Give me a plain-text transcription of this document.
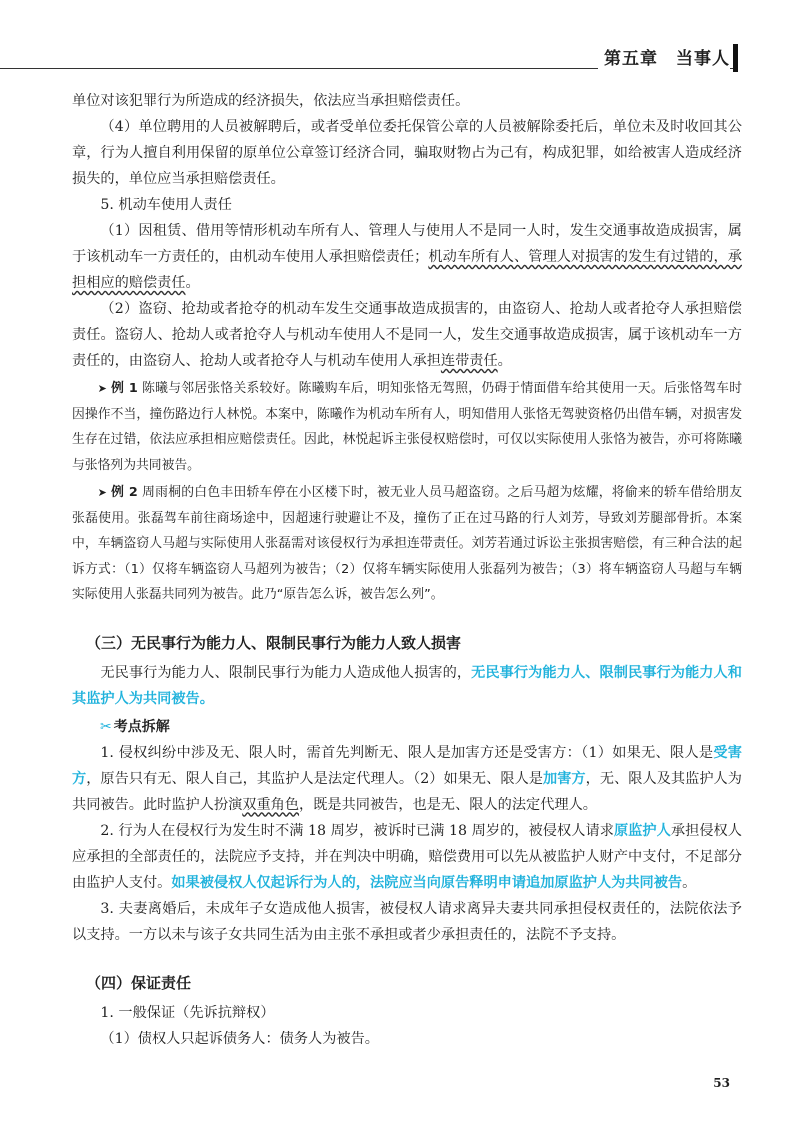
第五章　当事人

单位对该犯罪行为所造成的经济损失，依法应当承担赔偿责任。

（4）单位聘用的人员被解聘后，或者受单位委托保管公章的人员被解除委托后，单位未及时收回其公章，行为人擅自利用保留的原单位公章签订经济合同，骗取财物占为己有，构成犯罪，如给被害人造成经济损失的，单位应当承担赔偿责任。

5. 机动车使用人责任

（1）因租赁、借用等情形机动车所有人、管理人与使用人不是同一人时，发生交通事故造成损害，属于该机动车一方责任的，由机动车使用人承担赔偿责任；机动车所有人、管理人对损害的发生有过错的，承担相应的赔偿责任。

（2）盗窃、抢劫或者抢夺的机动车发生交通事故造成损害的，由盗窃人、抢劫人或者抢夺人承担赔偿责任。盗窃人、抢劫人或者抢夺人与机动车使用人不是同一人，发生交通事故造成损害，属于该机动车一方责任的，由盗窃人、抢劫人或者抢夺人与机动车使用人承担连带责任。

➤ 例 1 陈曦与邻居张恪关系较好。陈曦购车后，明知张恪无驾照，仍碍于情面借车给其使用一天。后张恪驾车时因操作不当，撞伤路边行人林悦。本案中，陈曦作为机动车所有人，明知借用人张恪无驾驶资格仍出借车辆，对损害发生存在过错，依法应承担相应赔偿责任。因此，林悦起诉主张侵权赔偿时，可仅以实际使用人张恪为被告，亦可将陈曦与张恪列为共同被告。

➤ 例 2 周雨桐的白色丰田轿车停在小区楼下时，被无业人员马超盗窃。之后马超为炫耀，将偷来的轿车借给朋友张磊使用。张磊驾车前往商场途中，因超速行驶避让不及，撞伤了正在过马路的行人刘芳，导致刘芳腿部骨折。本案中，车辆盗窃人马超与实际使用人张磊需对该侵权行为承担连带责任。刘芳若通过诉讼主张损害赔偿，有三种合法的起诉方式：（1）仅将车辆盗窃人马超列为被告；（2）仅将车辆实际使用人张磊列为被告；（3）将车辆盗窃人马超与车辆实际使用人张磊共同列为被告。此乃“原告怎么诉，被告怎么列”。

（三）无民事行为能力人、限制民事行为能力人致人损害

无民事行为能力人、限制民事行为能力人造成他人损害的，无民事行为能力人、限制民事行为能力人和其监护人为共同被告。

✂ 考点拆解

1. 侵权纠纷中涉及无、限人时，需首先判断无、限人是加害方还是受害方：（1）如果无、限人是受害方，原告只有无、限人自己，其监护人是法定代理人。（2）如果无、限人是加害方，无、限人及其监护人为共同被告。此时监护人扮演双重角色，既是共同被告，也是无、限人的法定代理人。

2. 行为人在侵权行为发生时不满 18 周岁，被诉时已满 18 周岁的，被侵权人请求原监护人承担侵权人应承担的全部责任的，法院应予支持，并在判决中明确，赔偿费用可以先从被监护人财产中支付，不足部分由监护人支付。如果被侵权人仅起诉行为人的，法院应当向原告释明申请追加原监护人为共同被告。

3. 夫妻离婚后，未成年子女造成他人损害，被侵权人请求离异夫妻共同承担侵权责任的，法院依法予以支持。一方以未与该子女共同生活为由主张不承担或者少承担责任的，法院不予支持。

（四）保证责任

1. 一般保证（先诉抗辩权）

（1）债权人只起诉债务人：债务人为被告。

53
